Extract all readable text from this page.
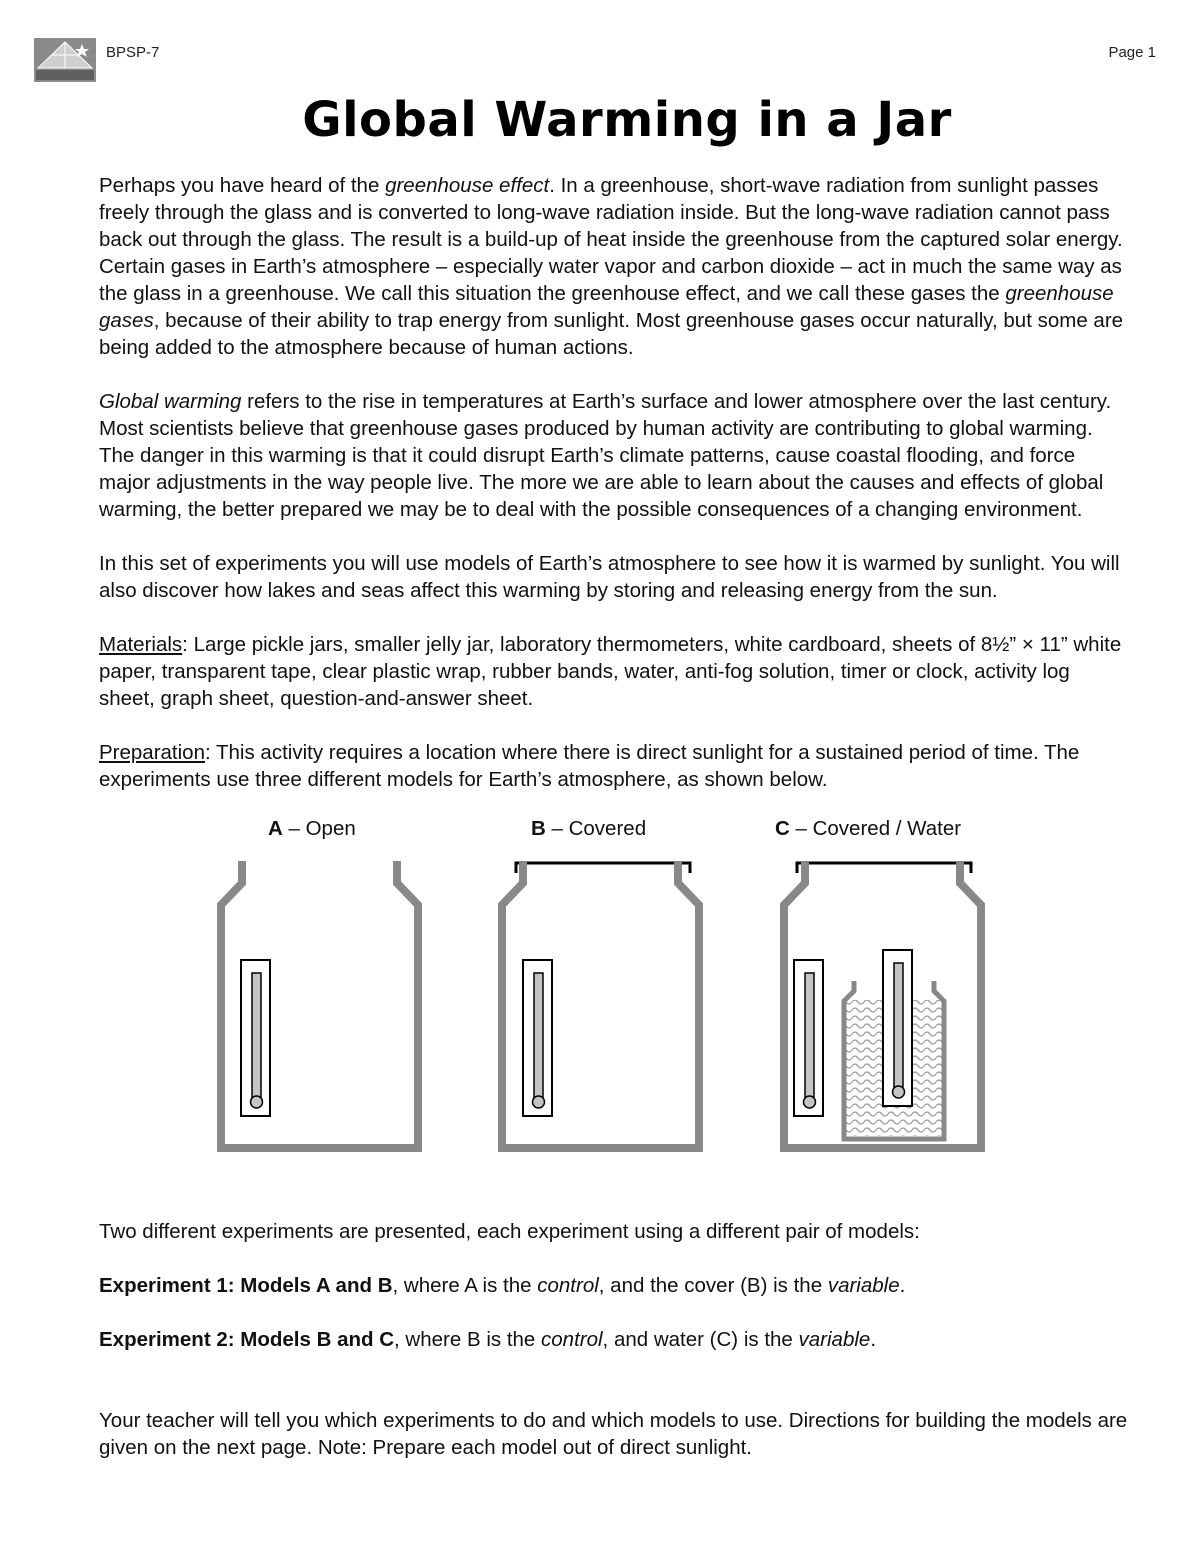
BPSP-7	Page 1
Global Warming in a Jar

Perhaps you have heard of the greenhouse effect. In a greenhouse, short-wave radiation from sunlight passes freely through the glass and is converted to long-wave radiation inside. But the long-wave radiation cannot pass back out through the glass. The result is a build-up of heat inside the greenhouse from the captured solar energy. Certain gases in Earth’s atmosphere – especially water vapor and carbon dioxide – act in much the same way as the glass in a greenhouse. We call this situation the greenhouse effect, and we call these gases the greenhouse gases, because of their ability to trap energy from sunlight. Most greenhouse gases occur naturally, but some are being added to the atmosphere because of human actions.

Global warming refers to the rise in temperatures at Earth’s surface and lower atmosphere over the last century. Most scientists believe that greenhouse gases produced by human activity are contributing to global warming. The danger in this warming is that it could disrupt Earth’s climate patterns, cause coastal flooding, and force major adjustments in the way people live. The more we are able to learn about the causes and effects of global warming, the better prepared we may be to deal with the possible consequences of a changing environment.

In this set of experiments you will use models of Earth’s atmosphere to see how it is warmed by sunlight. You will also discover how lakes and seas affect this warming by storing and releasing energy from the sun.

Materials: Large pickle jars, smaller jelly jar, laboratory thermometers, white cardboard, sheets of 8½” × 11” white paper, transparent tape, clear plastic wrap, rubber bands, water, anti-fog solution, timer or clock, activity log sheet, graph sheet, question-and-answer sheet.

Preparation: This activity requires a location where there is direct sunlight for a sustained period of time. The experiments use three different models for Earth’s atmosphere, as shown below.

A – Open	B – Covered	C – Covered / Water

Two different experiments are presented, each experiment using a different pair of models:

Experiment 1: Models A and B, where A is the control, and the cover (B) is the variable.

Experiment 2: Models B and C, where B is the control, and water (C) is the variable.

Your teacher will tell you which experiments to do and which models to use. Directions for building the models are given on the next page. Note: Prepare each model out of direct sunlight.
